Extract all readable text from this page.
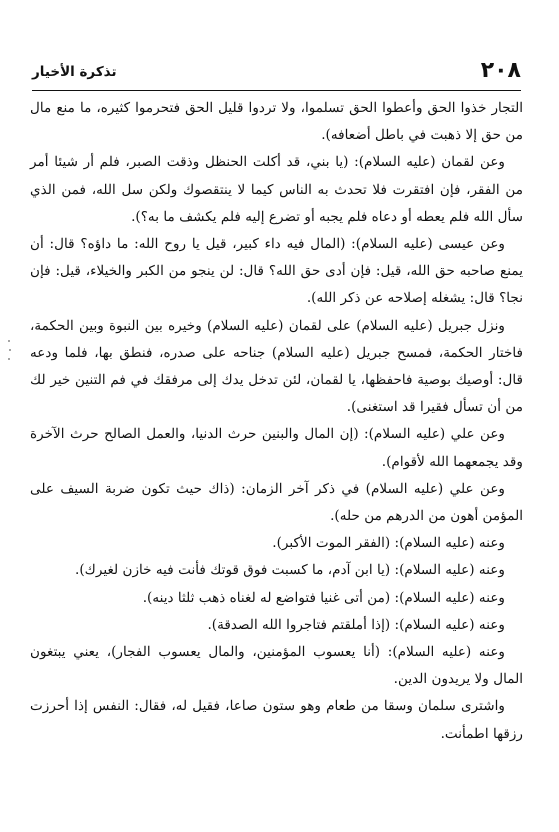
٢٠٨
تذكرة الأخيار

التجار خذوا الحق وأعطوا الحق تسلموا، ولا تردوا قليل الحق فتحرموا كثيره، ما منع مال من حق إلا ذهبت في باطل أضعافه).

وعن لقمان (عليه السلام): (يا بني، قد أكلت الحنظل وذقت الصبر، فلم أر شيئا أمر من الفقر، فإن افتقرت فلا تحدث به الناس كيما لا ينتقصوك ولكن سل الله، فمن الذي سأل الله فلم يعطه أو دعاه فلم يجبه أو تضرع إليه فلم يكشف ما به؟).

وعن عيسى (عليه السلام): (المال فيه داء كبير، قيل يا روح الله: ما داؤه؟ قال: أن يمنع صاحبه حق الله، قيل: فإن أدى حق الله؟ قال: لن ينجو من الكبر والخيلاء، قيل: فإن نجا؟ قال: يشغله إصلاحه عن ذكر الله).

ونزل جبريل (عليه السلام) على لقمان (عليه السلام) وخيره بين النبوة وبين الحكمة، فاختار الحكمة، فمسح جبريل (عليه السلام) جناحه على صدره، فنطق بها، فلما ودعه قال: أوصيك بوصية فاحفظها، يا لقمان، لئن تدخل يدك إلى مرفقك في فم التنين خير لك من أن تسأل فقيرا قد استغنى).

وعن علي (عليه السلام): (إن المال والبنين حرث الدنيا، والعمل الصالح حرث الآخرة وقد يجمعهما الله لأقوام).

وعن علي (عليه السلام) في ذكر آخر الزمان: (ذاك حيث تكون ضربة السيف على المؤمن أهون من الدرهم من حله).

وعنه (عليه السلام): (الفقر الموت الأكبر).

وعنه (عليه السلام): (يا ابن آدم، ما كسبت فوق قوتك فأنت فيه خازن لغيرك).

وعنه (عليه السلام): (من أتى غنيا فتواضع له لغناه ذهب ثلثا دينه).

وعنه (عليه السلام): (إذا أملقتم فتاجروا الله الصدقة).

وعنه (عليه السلام): (أنا يعسوب المؤمنين، والمال يعسوب الفجار)، يعني يبتغون المال ولا يريدون الدين.

واشترى سلمان وسقا من طعام وهو ستون صاعا، فقيل له، فقال: النفس إذا أحرزت رزقها اطمأنت.
